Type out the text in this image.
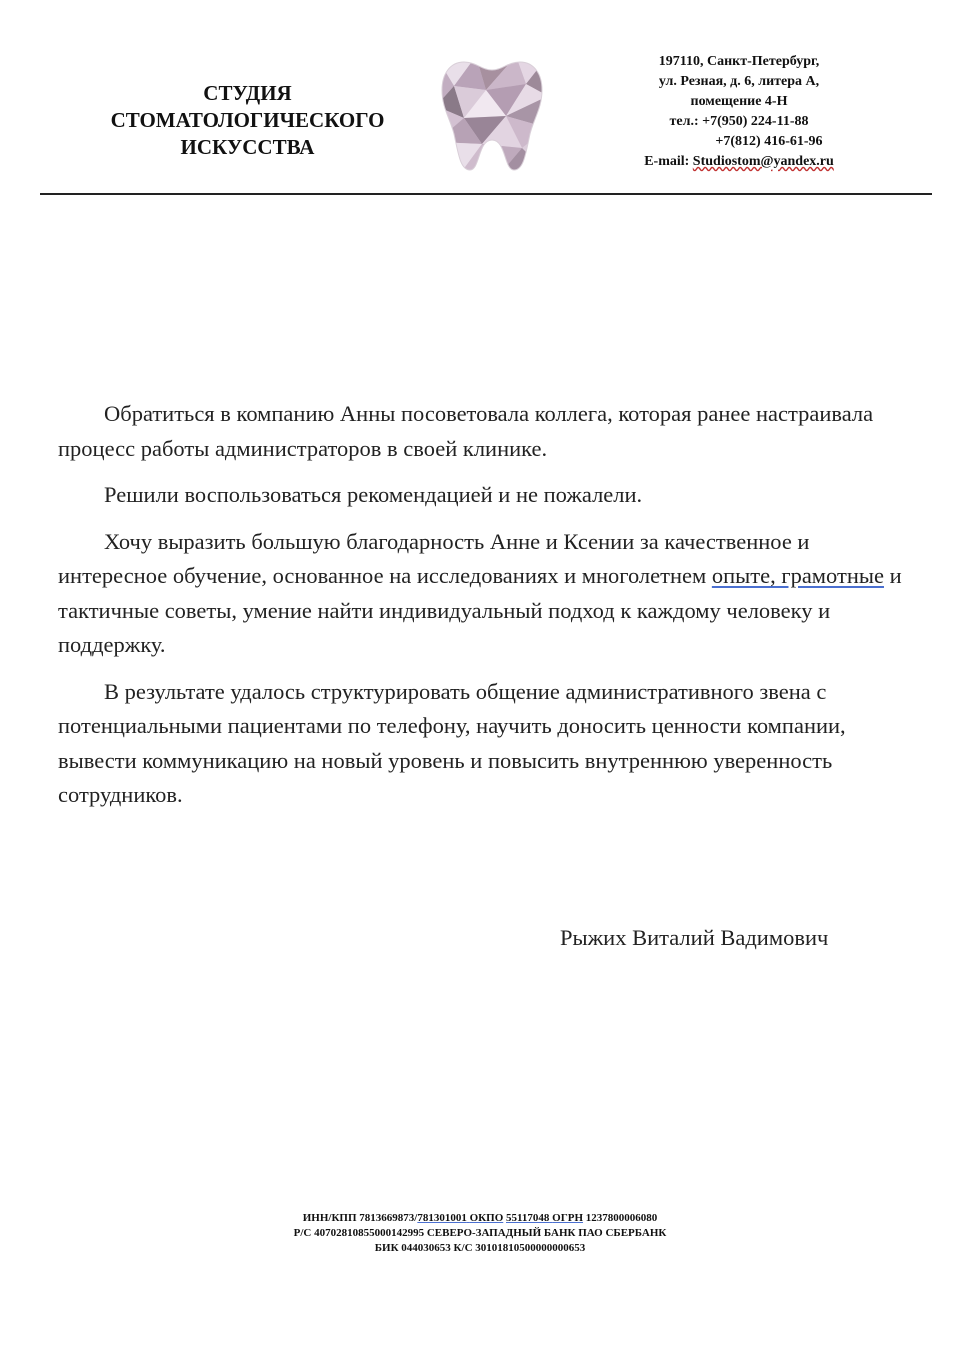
СТУДИЯ
СТОМАТОЛОГИЧЕСКОГО
ИСКУССТВА
197110, Санкт-Петербург,
ул. Резная, д. 6, литера А,
помещение 4-Н
тел.: +7(950) 224-11-88
+7(812) 416-61-96
E-mail: Studiostom@yandex.ru

Обратиться в компанию Анны посоветовала коллега, которая ранее настраивала процесс работы администраторов в своей клинике.

Решили воспользоваться рекомендацией и не пожалели.

Хочу выразить большую благодарность Анне и Ксении за качественное и интересное обучение, основанное на исследованиях и многолетнем опыте, грамотные и тактичные советы, умение найти индивидуальный подход к каждому человеку и поддержку.

В результате удалось структурировать общение административного звена с потенциальными пациентами по телефону, научить доносить ценности компании, вывести коммуникацию на новый уровень и повысить внутреннюю уверенность сотрудников.

Рыжих Виталий Вадимович
ИНН/КПП 7813669873/781301001 ОКПО 55117048 ОГРН 1237800006080
Р/С 40702810855000142995 СЕВЕРО-ЗАПАДНЫЙ БАНК ПАО СБЕРБАНК
БИК 044030653 К/С 30101810500000000653
